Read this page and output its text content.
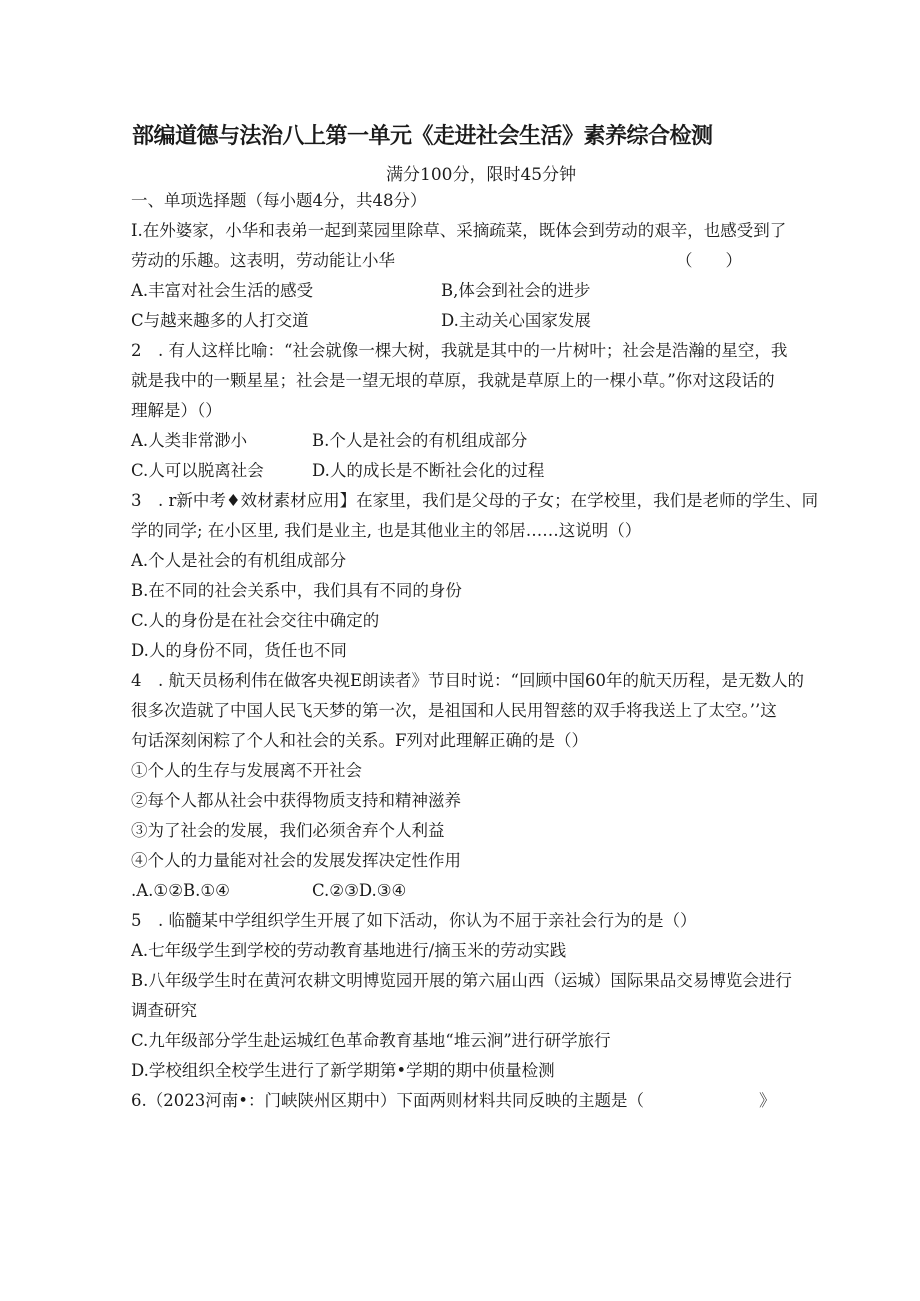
部编道德与法治八上第一单元《走进社会生活》素养综合检测
满分100分，限时45分钟
一、单项选择题（每小题4分，共48分）
I.在外婆家，小华和表弟一起到菜园里除草、采摘疏菜，既体会到劳动的艰辛，也感受到了
劳动的乐趣。这表明，劳动能让小华	（　　）
A.丰富对社会生活的感受	B,体会到社会的进步
C与越来趣多的人打交道	D.主动关心国家发展
2　. 有人这样比喻：“社会就像一棵大树，我就是其中的一片树叶；社会是浩瀚的星空，我
就是我中的一颗星星；社会是一望无垠的草原，我就是草原上的一棵小草。”你对这段话的
理解是）（）
A.人类非常渺小	B.个人是社会的有机组成部分
C.人可以脱离社会	D.人的成长是不断社会化的过程
3　. r新中考♦效材素材应用】在家里，我们是父母的子女；在学校里，我们是老师的学生、同
学的同学; 在小区里, 我们是业主, 也是其他业主的邻居……这说明（）
A.个人是社会的有机组成部分
B.在不同的社会关系中，我们具有不同的身份
C.人的身份是在社会交往中确定的
D.人的身份不同，货任也不同
4　. 航天员杨利伟在做客央视E朗读者》节目时说：“回顾中国60年的航天历程，是无数人的
很多次造就了中国人民飞天梦的第一次，是祖国和人民用智慈的双手将我送上了太空。’’这
句话深刻闲粽了个人和社会的关系。F列对此理解正确的是（）
①个人的生存与发展离不开社会
②每个人都从社会中获得物质支持和精神滋养
③为了社会的发展，我们必须舍弃个人利益
④个人的力量能对社会的发展发挥决定性作用
.A.①②B.①④	C.②③D.③④
5　. 临髓某中学组织学生开展了如下活动，你认为不屈于亲社会行为的是（）
A.七年级学生到学校的劳动教育基地进行/摘玉米的劳动实践
B.八年级学生时在黄河农耕文明博览园开展的第六届山西（运城）国际果品交易博览会进行
调查研究
C.九年级部分学生赴运城红色革命教育基地“堆云涧”进行研学旅行
D.学校组织全校学生进行了新学期第•学期的期中侦量检测
6.（2023河南•：门峡陕州区期中）下面两则材料共同反映的主题是（	》
